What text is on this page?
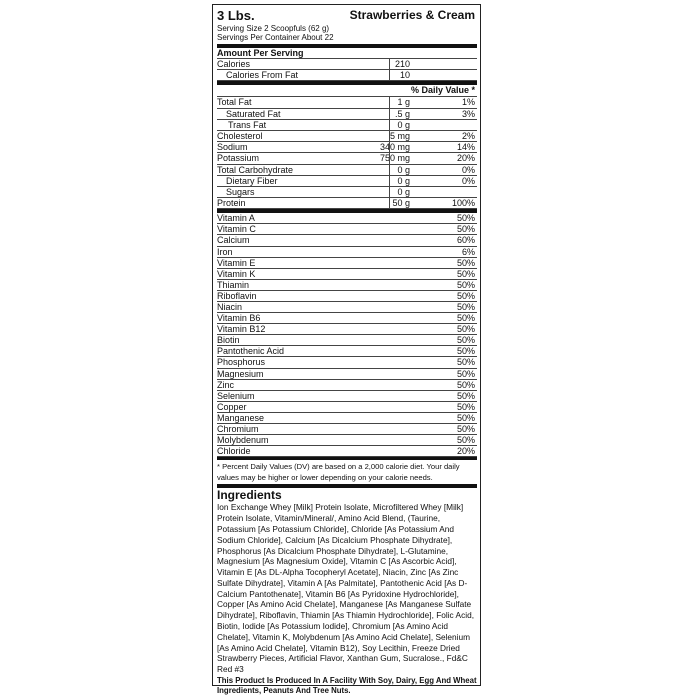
3 Lbs.	Strawberries & Cream
Serving Size 2 Scoopfuls (62 g)
Servings Per Container About 22
Amount Per Serving
Calories	210
Calories From Fat	10
% Daily Value *
Total Fat	1 g	1%
Saturated Fat	.5 g	3%
Trans Fat	0 g
Cholesterol	5 mg	2%
Sodium	340 mg	14%
Potassium	750 mg	20%
Total Carbohydrate	0 g	0%
Dietary Fiber	0 g	0%
Sugars	0 g
Protein	50 g	100%
Vitamin A	50%
Vitamin C	50%
Calcium	60%
Iron	6%
Vitamin E	50%
Vitamin K	50%
Thiamin	50%
Riboflavin	50%
Niacin	50%
Vitamin B6	50%
Vitamin B12	50%
Biotin	50%
Pantothenic Acid	50%
Phosphorus	50%
Magnesium	50%
Zinc	50%
Selenium	50%
Copper	50%
Manganese	50%
Chromium	50%
Molybdenum	50%
Chloride	20%
* Percent Daily Values (DV) are based on a 2,000 calorie diet. Your daily values may be higher or lower depending on your calorie needs.
Ingredients
Ion Exchange Whey [Milk] Protein Isolate, Microfiltered Whey [Milk] Protein Isolate, Vitamin/Mineral/, Amino Acid Blend, (Taurine, Potassium [As Potassium Chloride], Chloride [As Potassium And Sodium Chloride], Calcium [As Dicalcium Phosphate Dihydrate], Phosphorus [As Dicalcium Phosphate Dihydrate], L-Glutamine, Magnesium [As Magnesium Oxide], Vitamin C [As Ascorbic Acid], Vitamin E [As DL-Alpha Tocopheryl Acetate], Niacin, Zinc [As Zinc Sulfate Dihydrate], Vitamin A [As Palmitate], Pantothenic Acid [As D-Calcium Pantothenate], Vitamin B6 [As Pyridoxine Hydrochloride], Copper [As Amino Acid Chelate], Manganese [As Manganese Sulfate Dihydrate], Riboflavin, Thiamin [As Thiamin Hydrochloride], Folic Acid, Biotin, Iodide [As Potassium Iodide], Chromium [As Amino Acid Chelate], Vitamin K, Molybdenum [As Amino Acid Chelate], Selenium [As Amino Acid Chelate], Vitamin B12), Soy Lecithin, Freeze Dried Strawberry Pieces, Artificial Flavor, Xanthan Gum, Sucralose., Fd&C Red #3
This Product Is Produced In A Facility With Soy, Dairy, Egg And Wheat Ingredients, Peanuts And Tree Nuts.
